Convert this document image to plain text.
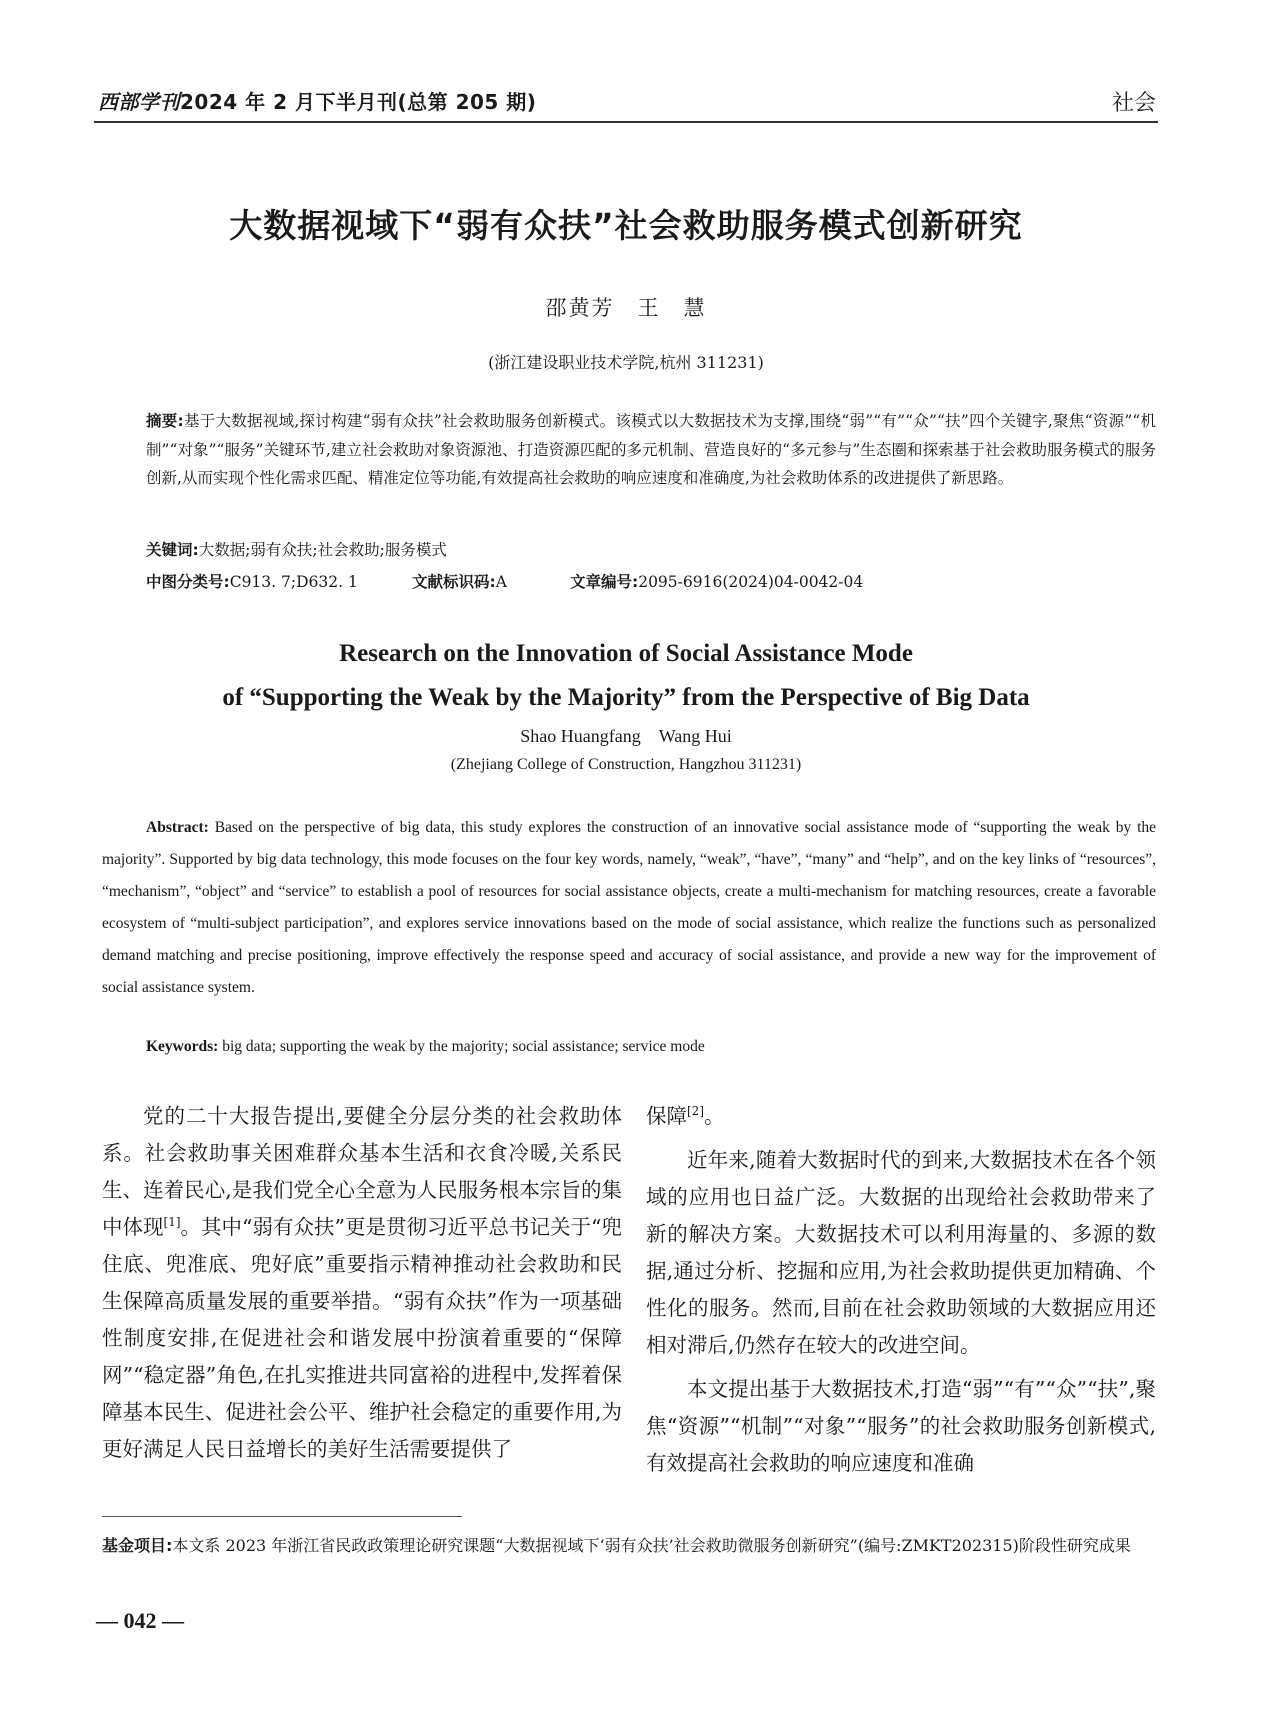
西部学刊2024 年 2 月下半月刊(总第 205 期)	社会
大数据视域下“弱有众扶”社会救助服务模式创新研究
邵黄芳　王　慧
(浙江建设职业技术学院,杭州 311231)
摘要:基于大数据视域,探讨构建“弱有众扶”社会救助服务创新模式。该模式以大数据技术为支撑,围绕“弱”“有”“众”“扶”四个关键字,聚焦“资源”“机制”“对象”“服务”关键环节,建立社会救助对象资源池、打造资源匹配的多元机制、营造良好的“多元参与”生态圈和探索基于社会救助服务模式的服务创新,从而实现个性化需求匹配、精准定位等功能,有效提高社会救助的响应速度和准确度,为社会救助体系的改进提供了新思路。
关键词:大数据;弱有众扶;社会救助;服务模式
中图分类号:C913. 7;D632. 1	文献标识码:A	文章编号:2095-6916(2024)04-0042-04
Research on the Innovation of Social Assistance Mode
of “Supporting the Weak by the Majority” from the Perspective of Big Data
Shao Huangfang　Wang Hui
(Zhejiang College of Construction, Hangzhou 311231)
Abstract: Based on the perspective of big data, this study explores the construction of an innovative social assistance mode of “supporting the weak by the majority”. Supported by big data technology, this mode focuses on the four key words, namely, “weak”, “have”, “many” and “help”, and on the key links of “resources”, “mechanism”, “object” and “service” to establish a pool of resources for social assistance objects, create a multi-mechanism for matching resources, create a favorable ecosystem of “multi-subject participation”, and explores service innovations based on the mode of social assistance, which realize the functions such as personalized demand matching and precise positioning, improve effectively the response speed and accuracy of social assistance, and provide a new way for the improvement of social assistance system.
Keywords: big data; supporting the weak by the majority; social assistance; service mode

党的二十大报告提出,要健全分层分类的社会救助体系。社会救助事关困难群众基本生活和衣食冷暖,关系民生、连着民心,是我们党全心全意为人民服务根本宗旨的集中体现[1]。其中“弱有众扶”更是贯彻习近平总书记关于“兜住底、兜准底、兜好底”重要指示精神推动社会救助和民生保障高质量发展的重要举措。“弱有众扶”作为一项基础性制度安排,在促进社会和谐发展中扮演着重要的“保障网”“稳定器”角色,在扎实推进共同富裕的进程中,发挥着保障基本民生、促进社会公平、维护社会稳定的重要作用,为更好满足人民日益增长的美好生活需要提供了

保障[2]。

近年来,随着大数据时代的到来,大数据技术在各个领域的应用也日益广泛。大数据的出现给社会救助带来了新的解决方案。大数据技术可以利用海量的、多源的数据,通过分析、挖掘和应用,为社会救助提供更加精确、个性化的服务。然而,目前在社会救助领域的大数据应用还相对滞后,仍然存在较大的改进空间。

本文提出基于大数据技术,打造“弱”“有”“众”“扶”,聚焦“资源”“机制”“对象”“服务”的社会救助服务创新模式,有效提高社会救助的响应速度和准确

基金项目:本文系 2023 年浙江省民政政策理论研究课题“大数据视域下‘弱有众扶’社会救助微服务创新研究”(编号:ZMKT202315)阶段性研究成果
— 042 —
